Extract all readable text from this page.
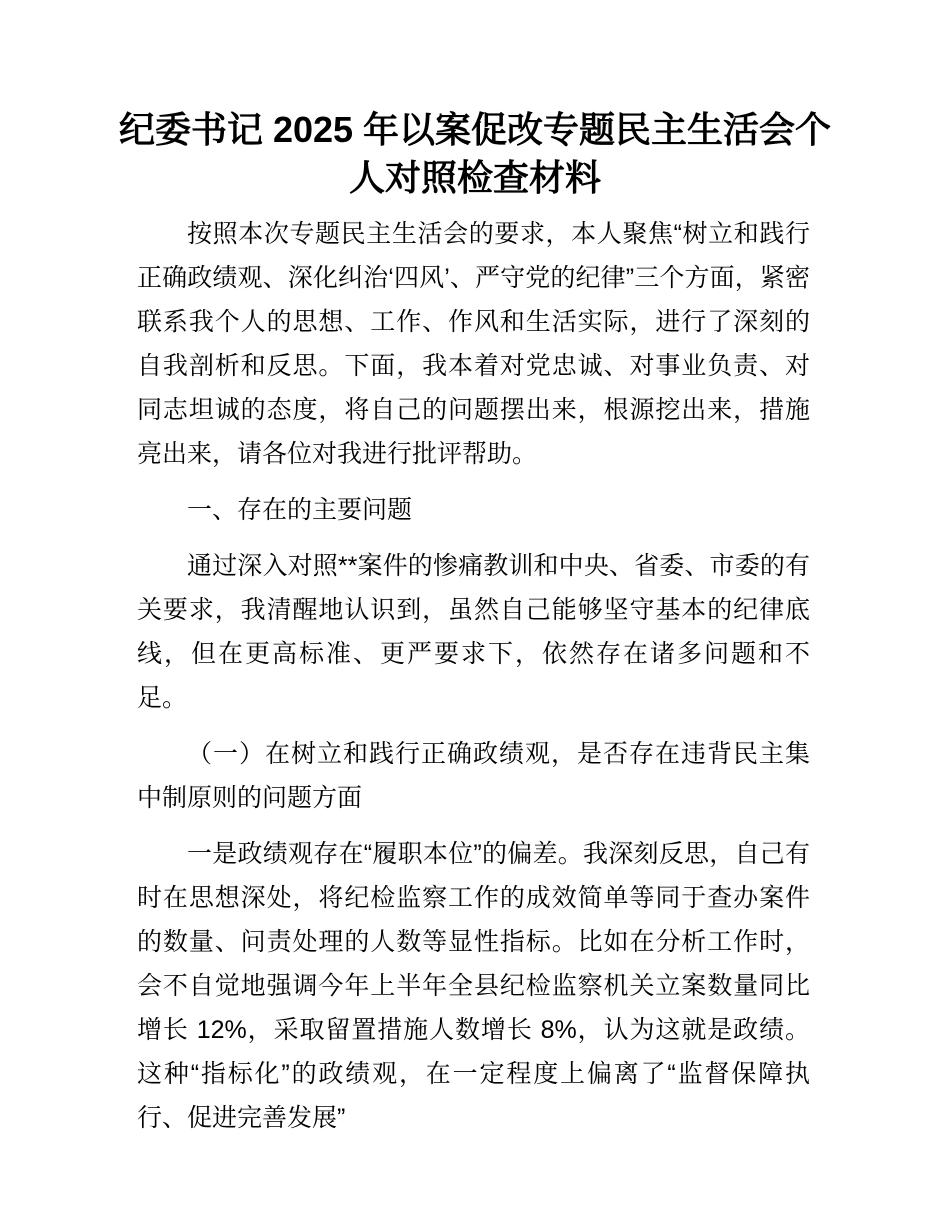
纪委书记 2025 年以案促改专题民主生活会个人对照检查材料

按照本次专题民主生活会的要求，本人聚焦“树立和践行正确政绩观、深化纠治‘四风’、严守党的纪律”三个方面，紧密联系我个人的思想、工作、作风和生活实际，进行了深刻的自我剖析和反思。下面，我本着对党忠诚、对事业负责、对同志坦诚的态度，将自己的问题摆出来，根源挖出来，措施亮出来，请各位对我进行批评帮助。

一、存在的主要问题

通过深入对照**案件的惨痛教训和中央、省委、市委的有关要求，我清醒地认识到，虽然自己能够坚守基本的纪律底线，但在更高标准、更严要求下，依然存在诸多问题和不足。

（一）在树立和践行正确政绩观，是否存在违背民主集中制原则的问题方面

一是政绩观存在“履职本位”的偏差。我深刻反思，自己有时在思想深处，将纪检监察工作的成效简单等同于查办案件的数量、问责处理的人数等显性指标。比如在分析工作时，会不自觉地强调今年上半年全县纪检监察机关立案数量同比增长 12%，采取留置措施人数增长 8%，认为这就是政绩。这种“指标化”的政绩观，在一定程度上偏离了“监督保障执行、促进完善发展”
